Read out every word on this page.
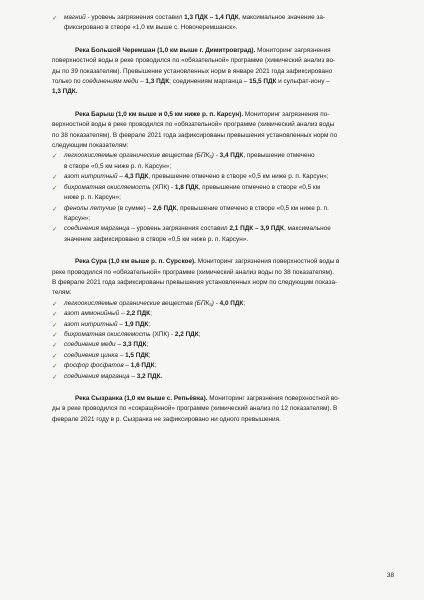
✓ магний - уровень загрязнения составил 1,3 ПДК – 1,4 ПДК, максимальное значение за-
фиксировано в створе «1,0 км выше с. Новочеремшанск».
Река Большой Черемшан (1,0 км выше г. Димитровград). Мониторинг загрязнения
поверхностной воды в реке проводился по «обязательной» программе (химический анализ во-
ды по 39 показателям). Превышение установленных норм в январе 2021 года зафиксировано
только по соединениям меди – 1,3 ПДК; соединениям марганца – 15,5 ПДК и сульфат-иону –
1,3 ПДК.
Река Барыш (1,0 км выше и 0,5 км ниже р. п. Карсун). Мониторинг загрязнения по-
верхностной воды в реке проводился по «обязательной» программе (химический анализ воды
по 38 показателям). В феврале 2021 года зафиксированы превышения установленных норм по
следующим показателям:
✓ легкоокисляемые органические вещества (БПК₅) - 3,4 ПДК, превышение отмечено
в створе «0,5 км ниже р. п. Карсун»;
✓ азот нитритный – 4,3 ПДК, превышение отмечено в створе «0,5 км ниже р. п. Карсун»;
✓ бихроматная окисляемость (ХПК) - 1,8 ПДК, превышение отмечено в створе «0,5 км
ниже р. п. Карсун»;
✓ фенолы летучие (в сумме) – 2,6 ПДК, превышение отмечено в створе «0,5 км ниже р. п.
Карсун»;
✓ соединения марганца – уровень загрязнения составил 2,1 ПДК – 3,9 ПДК, максимальное
значение зафиксировано в створе «0,5 км ниже р. п. Карсун».
Река Сура (1,0 км выше р. п. Сурское). Мониторинг загрязнения поверхностной воды в
реке проводился по «обязательной» программе (химический анализ воды по 38 показателям).
В феврале 2021 года зафиксированы превышения установленных норм по следующим показа-
телям:
✓ легкоокисляемые органические вещества (БПК₅) - 4,0 ПДК;
✓ азот аммонийный – 2,2 ПДК;
✓ азот нитритный – 1,9 ПДК;
✓ бихроматная окисляемость (ХПК) - 2,2 ПДК;
✓ соединения меди – 3,3 ПДК;
✓ соединения цинка – 1,5 ПДК;
✓ фосфор фосфатов – 1,6 ПДК;
✓ соединения марганца – 3,2 ПДК.
Река Сызранка (1,0 км выше с. Репьёвка). Мониторинг загрязнения поверхностной во-
ды в реке проводился по «сокращённой» программе (химический анализ по 12 показателям). В
феврале 2021 году в р. Сызранка не зафиксировано ни одного превышения.
38
